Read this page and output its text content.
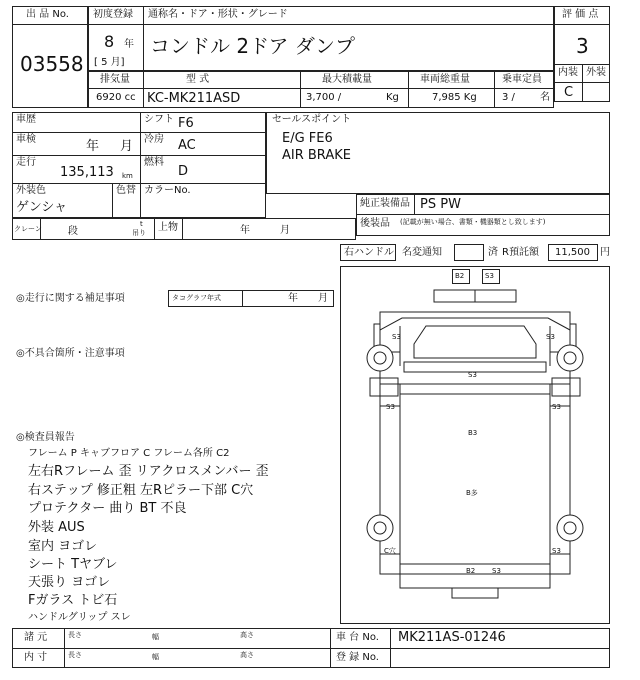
出 品 No.
03558
初度登録 通称名・ドア・形状・グレード
8 年
[ 5 月]
コンドル 2ドア ダンプ
評 価 点
3
内装 外装
C
排気量	型 式	最大積載量	車両総重量	乗車定員
6920 cc KC-MK211ASD	3,700 /	Kg	7,985 Kg	3 /	名
車歴	シフト F6
車検	年 月 冷房 AC
走行
135,113 km
燃料
D
外装色
ゲンシャ
色替 カラーNo.
セールスポイント
E/G FE6
AIR BRAKE
純正装備品 PS PW
後装品 (記載が無い場合、書類・機器類とし致します)
クレーン	段
t
吊り 上物	年	月
右ハンドル 名変通知	済 R預託額 11,500 円
◎走行に関する補足事項	タコグラフ年式	年 月
◎不具合箇所・注意事項
◎検査員報告
フレーム P キャブフロア C フレーム各所 C2
左右Rフレーム 歪 リアクロスメンバー 歪
右ステップ 修正粗 左Rピラー下部 C穴
プロテクター 曲り BT 不良
外装 AUS
室内 ヨゴレ
シート Tヤブレ
天張り ヨゴレ
Fガラス トビ石
ハンドルグリップ スレ
B2	S3
S3	S3
S3
S3	S3
B3
B多
C穴	S3
B2 S3
諸 元
内 寸
長さ	幅	高さ
長さ	幅	高さ
車 台 No. MK211AS-01246
登 録 No.
